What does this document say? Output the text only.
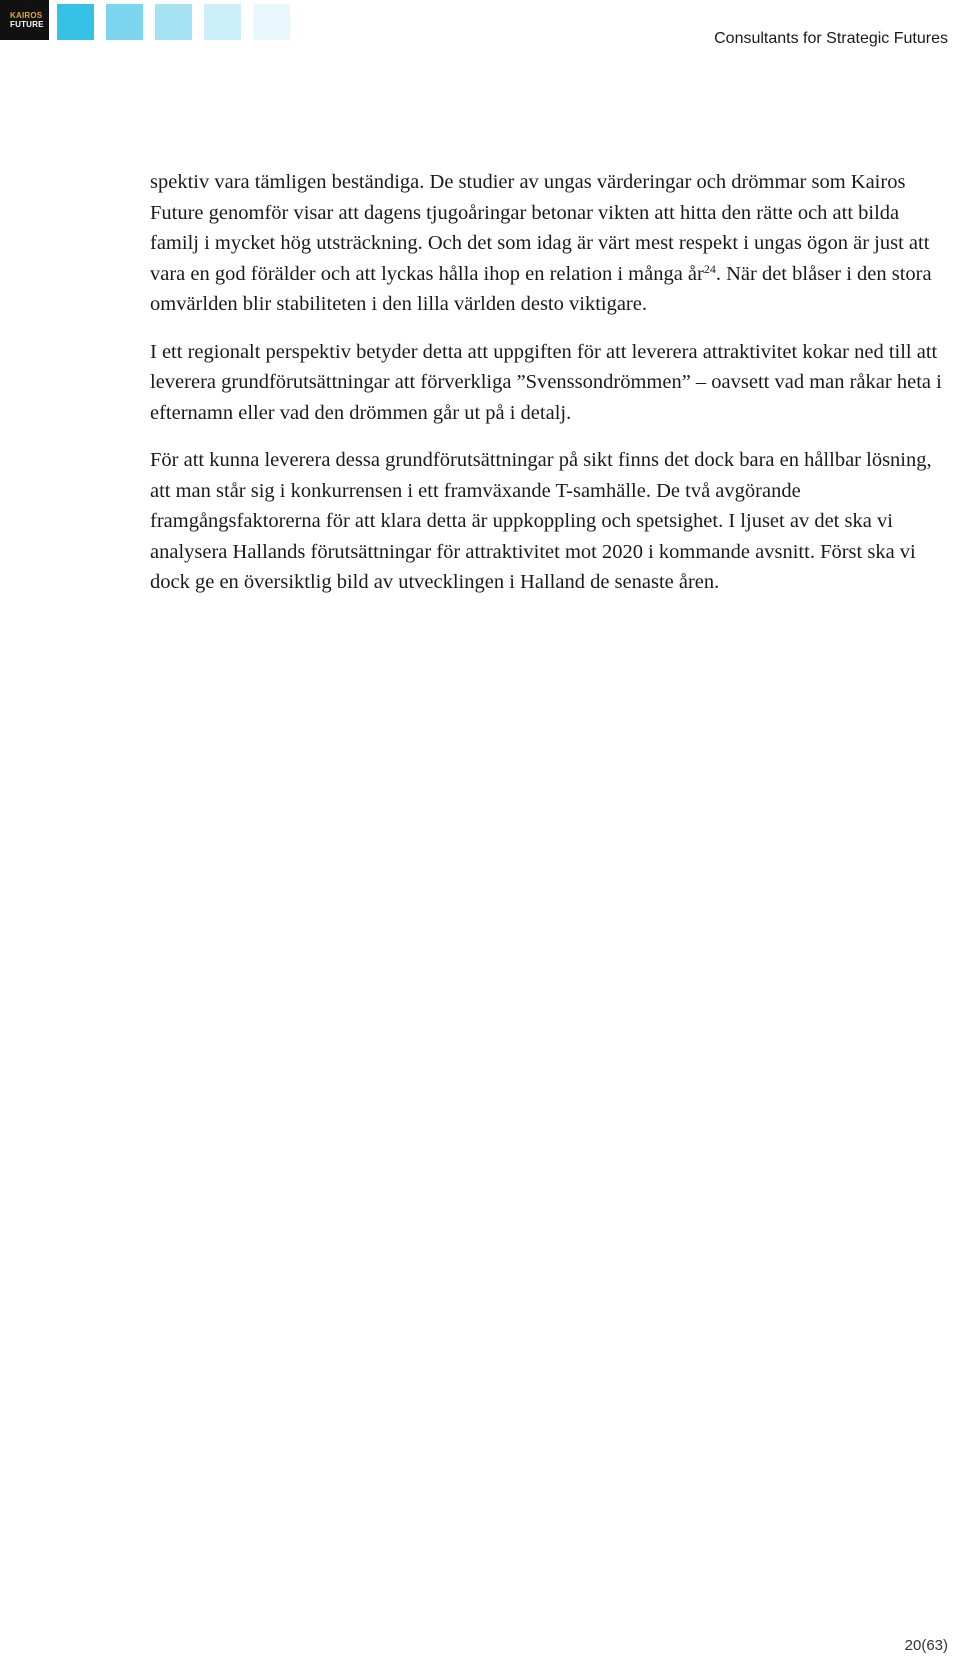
KAIROS
FUTURE
Consultants for Strategic Futures

spektiv vara tämligen beständiga. De studier av ungas värderingar och drömmar som Kairos Future genomför visar att dagens tjugoåringar betonar vikten att hitta den rätte och att bilda familj i mycket hög utsträckning. Och det som idag är värt mest respekt i ungas ögon är just att vara en god förälder och att lyckas hålla ihop en relation i många $år^{24}$. När det blåser i den stora omvärlden blir stabiliteten i den lilla världen desto viktigare.

I ett regionalt perspektiv betyder detta att uppgiften för att leverera attraktivitet kokar ned till att leverera grundförutsättningar att förverkliga ”Svenssondrömmen” – oavsett vad man råkar heta i efternamn eller vad den drömmen går ut på i detalj.

För att kunna leverera dessa grundförutsättningar på sikt finns det dock bara en hållbar lösning, att man står sig i konkurrensen i ett framväxande T-samhälle. De två avgörande framgångsfaktorerna för att klara detta är uppkoppling och spetsighet. I ljuset av det ska vi analysera Hallands förutsättningar för attraktivitet mot 2020 i kommande avsnitt. Först ska vi dock ge en översiktlig bild av utvecklingen i Halland de senaste åren.

20(63)
